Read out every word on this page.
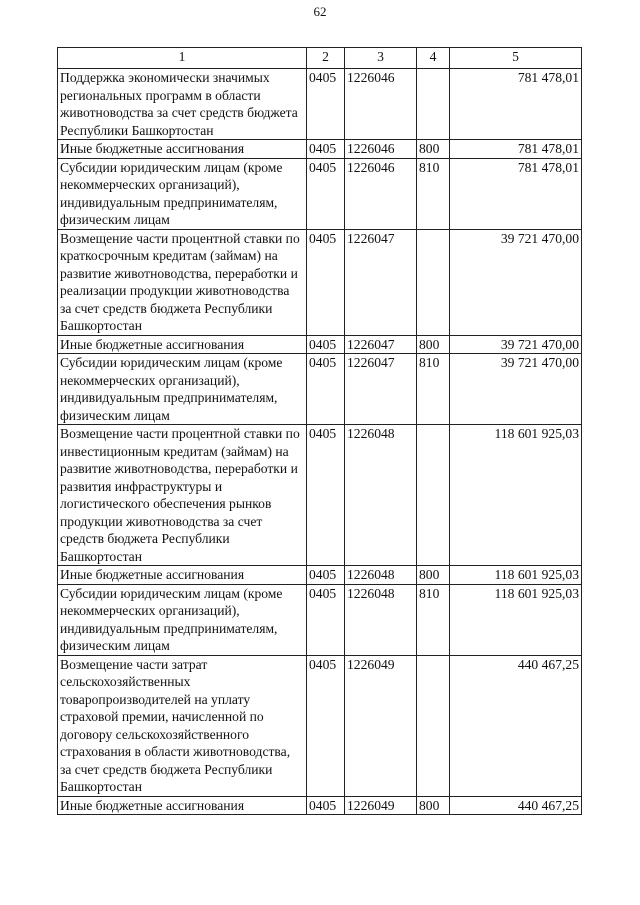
62
1	2	3	4	5
Поддержка экономически значимых региональных программ в области животноводства за счет средств бюджета Республики Башкортостан	0405	1226046		781 478,01
Иные бюджетные ассигнования	0405	1226046	800	781 478,01
Субсидии юридическим лицам (кроме некоммерческих организаций), индивидуальным предпринимателям, физическим лицам	0405	1226046	810	781 478,01
Возмещение части процентной ставки по краткосрочным кредитам (займам) на развитие животноводства, переработки и реализации продукции животноводства за счет средств бюджета Республики Башкортостан	0405	1226047		39 721 470,00
Иные бюджетные ассигнования	0405	1226047	800	39 721 470,00
Субсидии юридическим лицам (кроме некоммерческих организаций), индивидуальным предпринимателям, физическим лицам	0405	1226047	810	39 721 470,00
Возмещение части процентной ставки по инвестиционным кредитам (займам) на развитие животноводства, переработки и развития инфраструктуры и логистического обеспечения рынков продукции животноводства за счет средств бюджета Республики Башкортостан	0405	1226048		118 601 925,03
Иные бюджетные ассигнования	0405	1226048	800	118 601 925,03
Субсидии юридическим лицам (кроме некоммерческих организаций), индивидуальным предпринимателям, физическим лицам	0405	1226048	810	118 601 925,03
Возмещение части затрат сельскохозяйственных товаропроизводителей на уплату страховой премии, начисленной по договору сельскохозяйственного страхования в области животноводства, за счет средств бюджета Республики Башкортостан	0405	1226049		440 467,25
Иные бюджетные ассигнования	0405	1226049	800	440 467,25
